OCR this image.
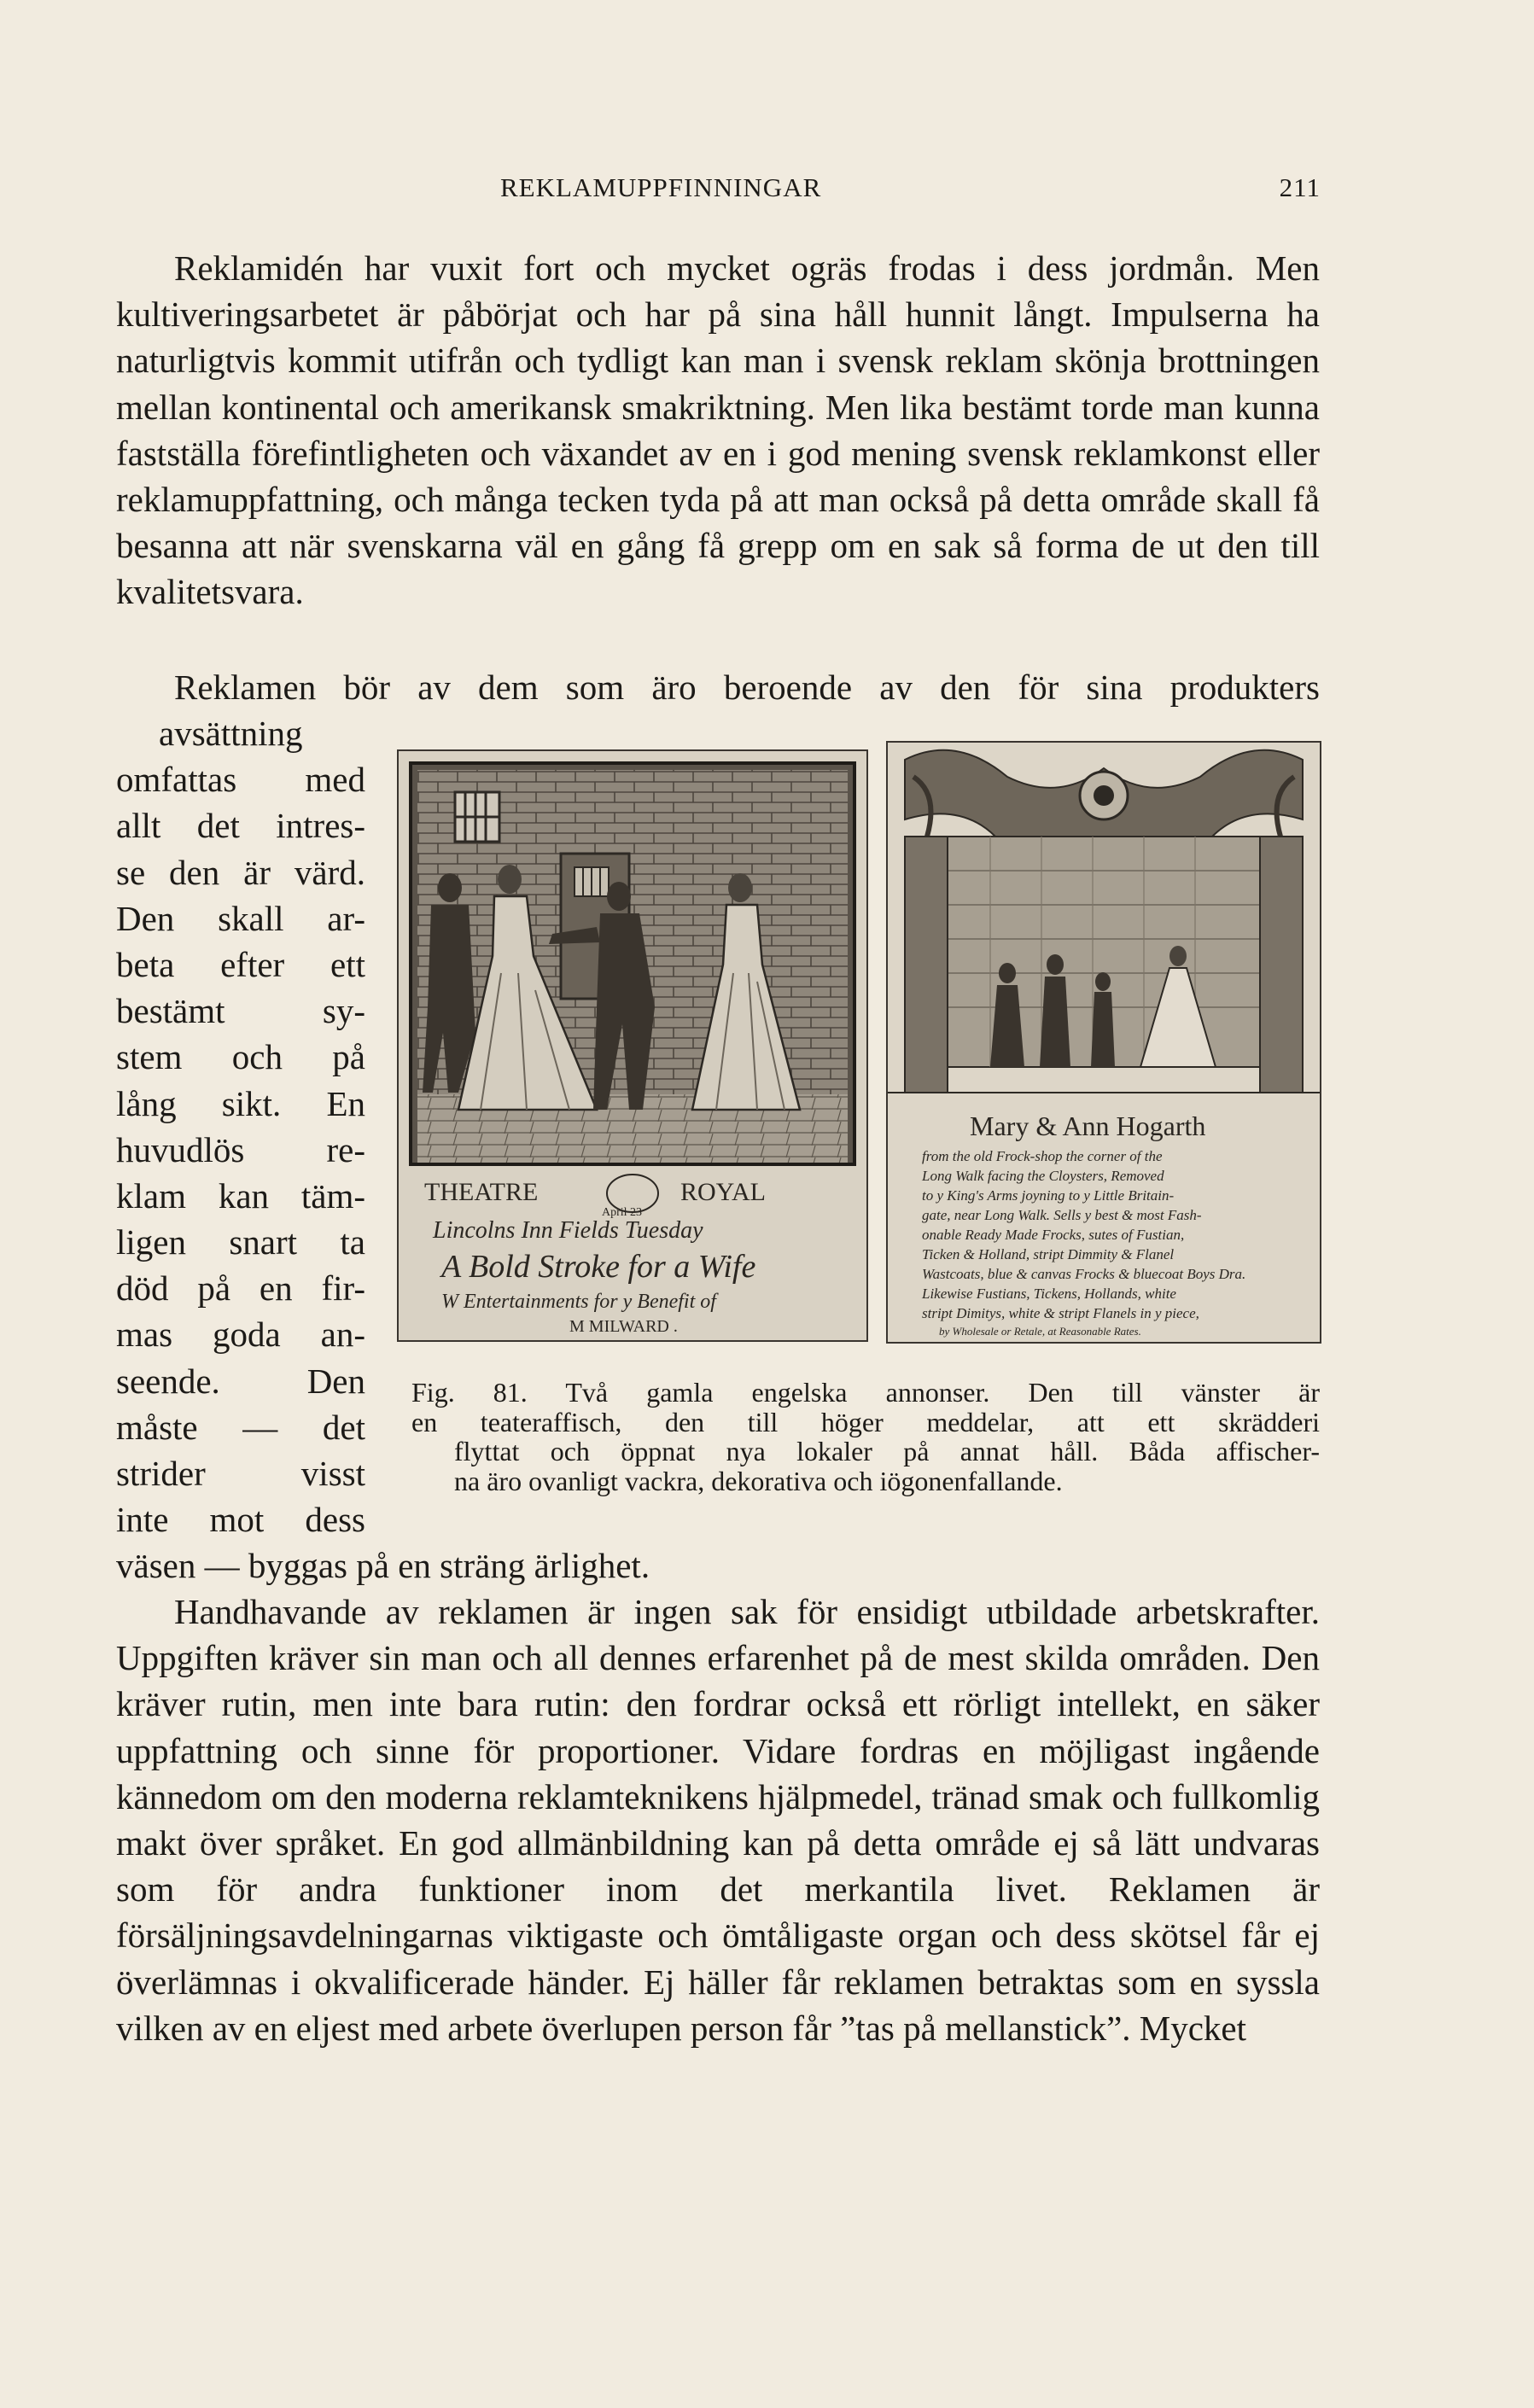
REKLAMUPPFINNINGAR	211

Reklamidén har vuxit fort och mycket ogräs frodas i dess jordmån. Men kultiveringsarbetet är påbörjat och har på sina håll hunnit långt. Impulserna ha naturligtvis kommit utifrån och tydligt kan man i svensk reklam skönja brottningen mellan kontinental och amerikansk smakriktning. Men lika bestämt torde man kunna fastställa förefintligheten och växandet av en i god mening svensk reklamkonst eller reklamuppfattning, och många tecken tyda på att man också på detta område skall få besanna att när svenskarna väl en gång få grepp om en sak så forma de ut den till kvalitetsvara.

Reklamen bör av dem som äro beroende av den för sina produkters

avsättning
omfattas med
allt det intres-
se den är värd.
Den skall ar-
beta efter ett
bestämt sy-
stem och på
lång sikt. En
huvudlös re-
klam kan täm-
ligen snart ta
död på en fir-
mas goda an-
seende. Den
måste — det
strider visst
inte mot dess

väsen — byggas på en sträng ärlighet.

Handhavande av reklamen är ingen sak för ensidigt utbildade arbetskrafter. Uppgiften kräver sin man och all dennes erfarenhet på de mest skilda områden. Den kräver rutin, men inte bara rutin: den fordrar också ett rörligt intellekt, en säker uppfattning och sinne för proportioner. Vidare fordras en möjligast ingående kännedom om den moderna reklamteknikens hjälpmedel, tränad smak och fullkomlig makt över språket. En god allmänbildning kan på detta område ej så lätt undvaras som för andra funktioner inom det merkantila livet. Reklamen är försäljningsavdelningarnas viktigaste och ömtåligaste organ och dess skötsel får ej överlämnas i okvalificerade händer. Ej häller får reklamen betraktas som en syssla vilken av en eljest med arbete överlupen person får ”tas på mellanstick”. Mycket

THEATRE	ROYAL
Lincolns Inn Fields Tuesday
April 23
A Bold Stroke for a Wife
W Entertainments for y Benefit of
M MILWARD .
Mary & Ann Hogarth
from the old Frock-shop the corner of the
Long Walk facing the Cloysters, Removed
to y King's Arms joyning to y Little Britain-
gate, near Long Walk. Sells y best & most Fash-
onable Ready Made Frocks, sutes of Fustian,
Ticken & Holland, stript Dimmity & Flanel
Wastcoats, blue & canvas Frocks & bluecoat Boys Dra.
Likewise Fustians, Tickens, Hollands, white
stript Dimitys, white & stript Flanels in y piece,
by Wholesale or Retale, at Reasonable Rates.
Fig. 81. Två gamla engelska annonser. Den till vänster är
en teateraffisch, den till höger meddelar, att ett skrädderi
flyttat och öppnat nya lokaler på annat håll. Båda affischer-
na äro ovanligt vackra, dekorativa och iögonenfallande.
